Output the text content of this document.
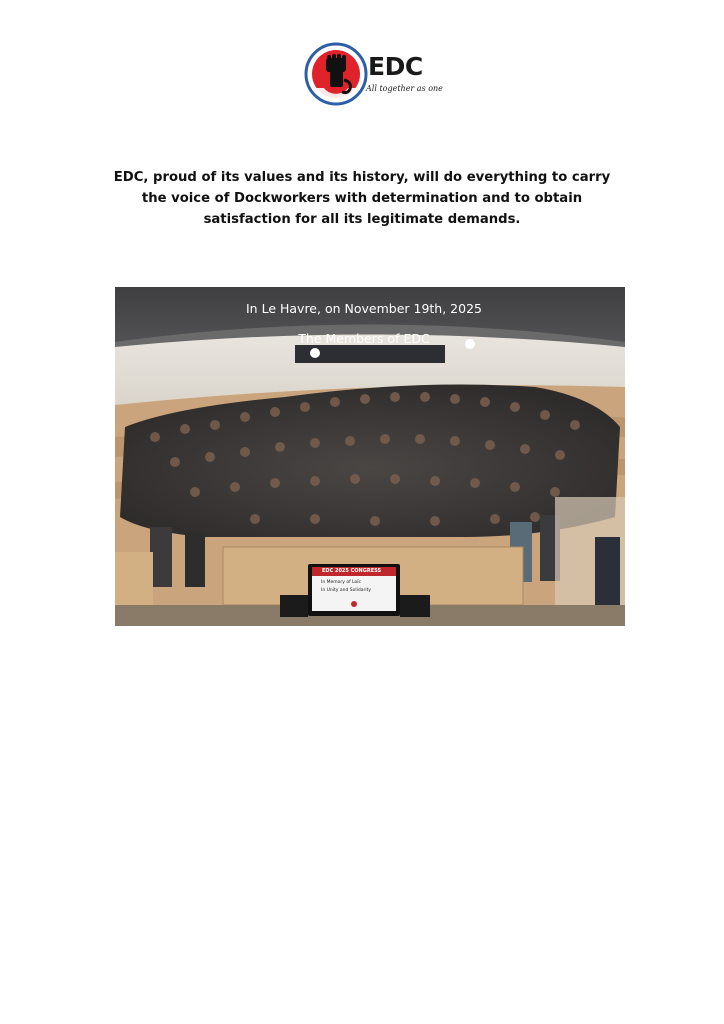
EDC
All together as one
EDC, proud of its values and its history, will do everything to carry the voice of Dockworkers with determination and to obtain satisfaction for all its legitimate demands.
In Le Havre, on November 19th, 2025
The Members of EDC
EDC 2025 CONGRESS
In Memory of Loïc
In Unity and Solidarity
